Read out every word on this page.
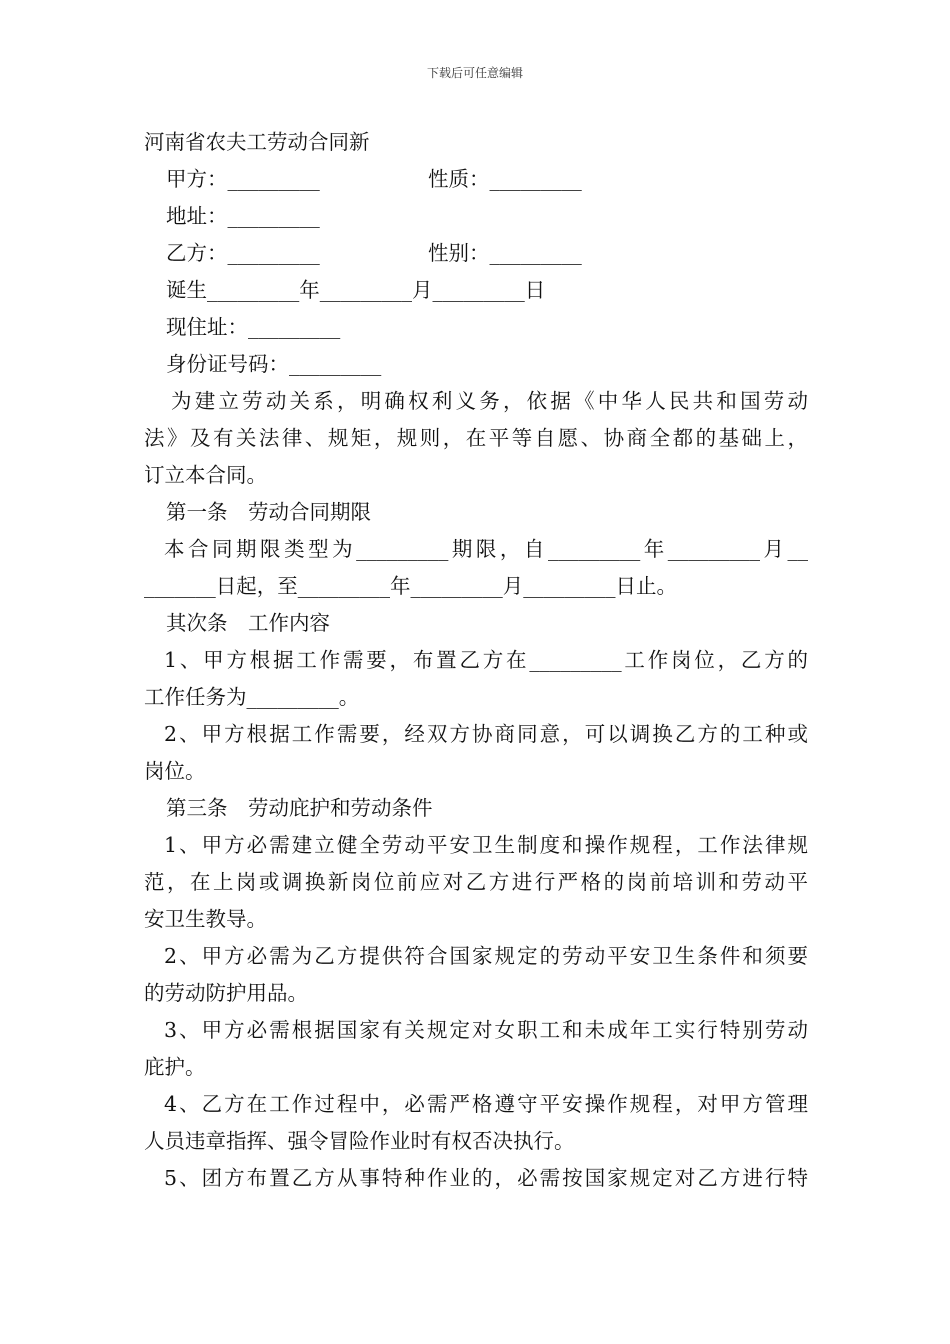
下载后可任意编辑
河南省农夫工劳动合同新
甲方：_________	性质：_________
地址：_________
乙方：_________	性别：_________
诞生_________年_________月_________日
现住址：_________
身份证号码：_________
为建立劳动关系，明确权利义务，依据《中华人民共和国劳动
法》及有关法律、规矩，规则，在平等自愿、协商全都的基础上，
订立本合同。
第一条　劳动合同期限
本合同期限类型为_________期限，自_________年_________月__
_______日起，至_________年_________月_________日止。
其次条　工作内容
1、甲方根据工作需要，布置乙方在_________工作岗位，乙方的
工作任务为_________。
2、甲方根据工作需要，经双方协商同意，可以调换乙方的工种或
岗位。
第三条　劳动庇护和劳动条件
1、甲方必需建立健全劳动平安卫生制度和操作规程，工作法律规
范，在上岗或调换新岗位前应对乙方进行严格的岗前培训和劳动平
安卫生教导。
2、甲方必需为乙方提供符合国家规定的劳动平安卫生条件和须要
的劳动防护用品。
3、甲方必需根据国家有关规定对女职工和未成年工实行特别劳动
庇护。
4、乙方在工作过程中，必需严格遵守平安操作规程，对甲方管理
人员违章指挥、强令冒险作业时有权否决执行。
5、团方布置乙方从事特种作业的，必需按国家规定对乙方进行特
